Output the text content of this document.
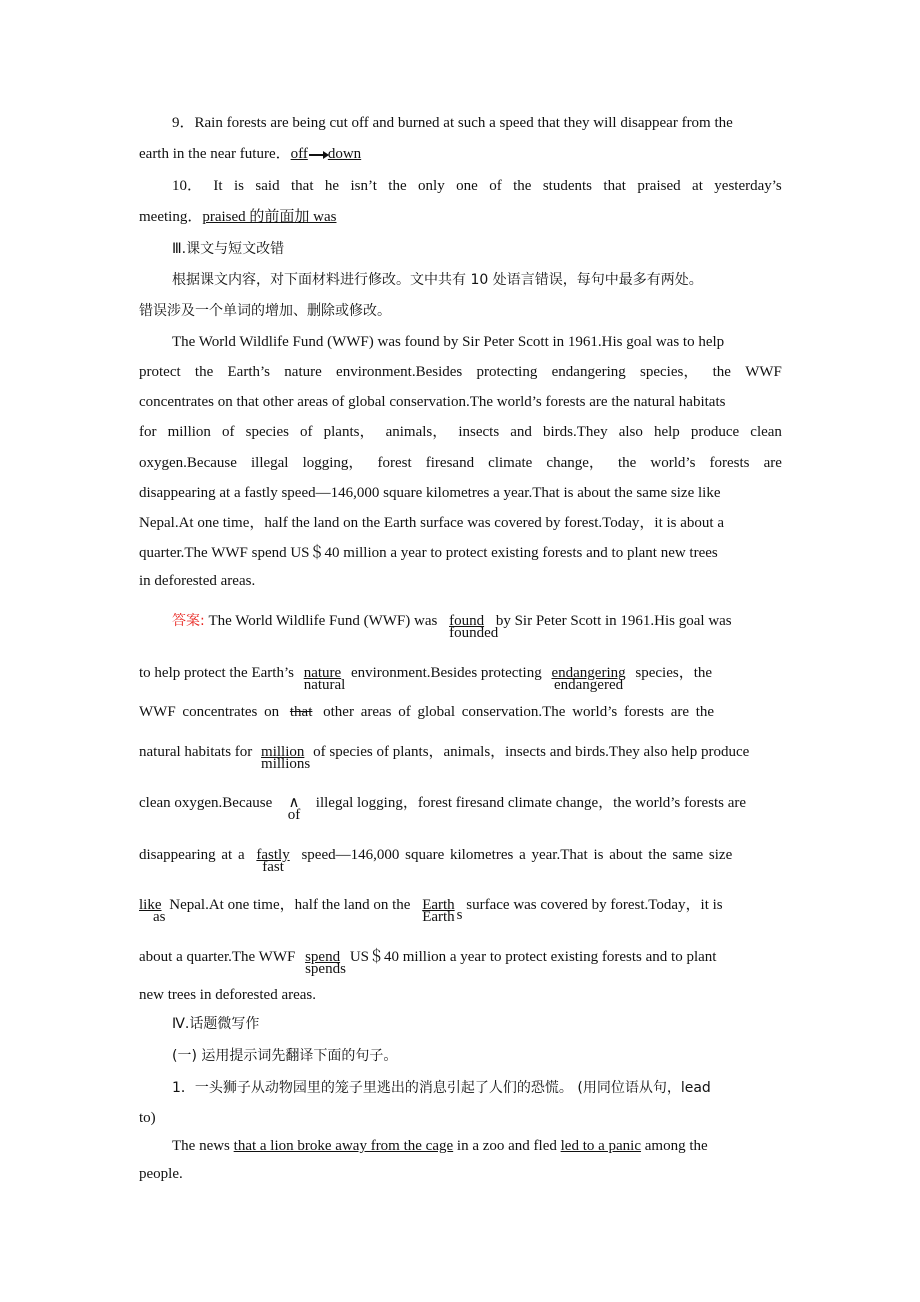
9．Rain forests are being cut off and burned at such a speed that they will disappear from the
earth in the near future．off down
10． It is said that he isn’t the only one of the students that praised at yesterday’s
meeting．praised 的前面加 was
Ⅲ.课文与短文改错
根据课文内容，对下面材料进行修改。文中共有 10 处语言错误，每句中最多有两处。
错误涉及一个单词的增加、删除或修改。
The World Wildlife Fund (WWF) was found by Sir Peter Scott in 1961.His goal was to help
protect the Earth’s nature environment.Besides protecting endangering species， the WWF
concentrates on that other areas of global conservation.The world’s forests are the natural habitats
for million of species of plants， animals， insects and birds.They also help produce clean
oxygen.Because illegal logging， forest firesand climate change， the world’s forests are
disappearing at a fastly speed—146,000 square kilometres a year.That is about the same size like
Nepal.At one time，half the land on the Earth surface was covered by forest.Today，it is about a
quarter.The WWF spend US＄40 million a year to protect existing forests and to plant new trees
in deforested areas.
答案: The World Wildlife Fund (WWF) was found
founded
by Sir Peter Scott in 1961.His goal was
to help protect the Earth’s nature
natural
environment.Besides protecting endangering
endangered
species，the
WWF concentrates on that other areas of global conservation.The world’s forests are the
natural habitats for million
millions
of species of plants，animals，insects and birds.They also help produce
clean oxygen.Because ∧
of
illegal logging，forest firesand climate change，the world’s forests are
disappearing at a fastly
fast
speed—146,000 square kilometres a year.That is about the same size
like
as
Nepal.At one time，half the land on the Earth
Earth s surface was covered by forest.Today，it is
about a quarter.The WWF spend
spends
US＄40 million a year to protect existing forests and to plant
new trees in deforested areas.
Ⅳ.话题微写作
(一) 运用提示词先翻译下面的句子。
1．一头狮子从动物园里的笼子里逃出的消息引起了人们的恐慌。 (用同位语从句，lead
to)
The news that a lion broke away from the cage in a zoo and fled led to a panic among the
people.
